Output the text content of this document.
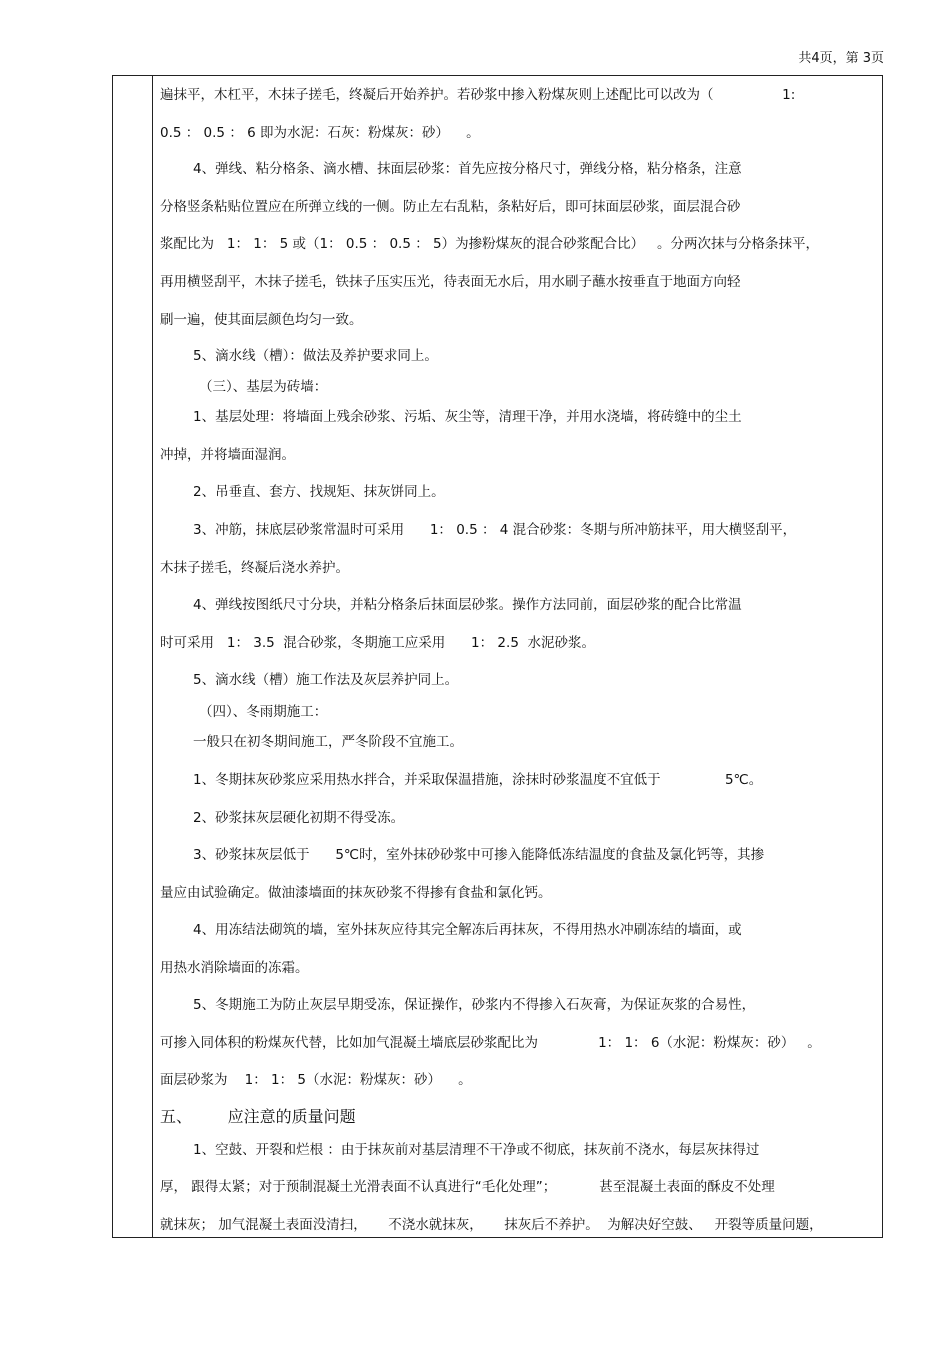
共4页，第 3页
遍抹平，木杠平，木抹子搓毛，终凝后开始养护。若砂浆中掺入粉煤灰则上述配比可以改为（                1:
0.5 ： 0.5 ： 6 即为水泥：石灰：粉煤灰：砂）    。
4、弹线、粘分格条、滴水槽、抹面层砂浆：首先应按分格尺寸，弹线分格，粘分格条，注意
分格竖条粘贴位置应在所弹立线的一侧。防止左右乱粘，条粘好后，即可抹面层砂浆，面层混合砂
浆配比为   1： 1： 5 或（1： 0.5 ： 0.5 ： 5）为掺粉煤灰的混合砂浆配合比）   。分两次抹与分格条抹平，
再用横竖刮平，木抹子搓毛，铁抹子压实压光，待表面无水后，用水刷子蘸水按垂直于地面方向轻
刷一遍，使其面层颜色均匀一致。
5、滴水线（槽）：做法及养护要求同上。
（三）、基层为砖墙：
1、基层处理：将墙面上残余砂浆、污垢、灰尘等，清理干净，并用水浇墙，将砖缝中的尘土
冲掉，并将墙面湿润。
2、吊垂直、套方、找规矩、抹灰饼同上。
3、冲筋，抹底层砂浆常温时可采用      1： 0.5 ： 4 混合砂浆：冬期与所冲筋抹平，用大横竖刮平，
木抹子搓毛，终凝后浇水养护。
4、弹线按图纸尺寸分块，并粘分格条后抹面层砂浆。操作方法同前，面层砂浆的配合比常温
时可采用   1： 3.5  混合砂浆，冬期施工应采用      1： 2.5  水泥砂浆。
5、滴水线（槽）施工作法及灰层养护同上。
（四）、冬雨期施工：
一般只在初冬期间施工，严冬阶段不宜施工。
1、冬期抹灰砂浆应采用热水拌合，并采取保温措施，涂抹时砂浆温度不宜低于               5℃。
2、砂浆抹灰层硬化初期不得受冻。
3、砂浆抹灰层低于      5℃时，室外抹砂砂浆中可掺入能降低冻结温度的食盐及氯化钙等，其掺
量应由试验确定。做油漆墙面的抹灰砂浆不得掺有食盐和氯化钙。
4、用冻结法砌筑的墙，室外抹灰应待其完全解冻后再抹灰，不得用热水冲刷冻结的墙面，或
用热水消除墙面的冻霜。
5、冬期施工为防止灰层早期受冻，保证操作，砂浆内不得掺入石灰膏，为保证灰浆的合易性，
可掺入同体积的粉煤灰代替，比如加气混凝土墙底层砂浆配比为              1： 1： 6（水泥：粉煤灰：砂）   。
面层砂浆为    1： 1： 5（水泥：粉煤灰：砂）    。
五、       应注意的质量问题
1、空鼓、开裂和烂根 ：由于抹灰前对基层清理不干净或不彻底，抹灰前不浇水，每层灰抹得过
厚， 跟得太紧；对于预制混凝土光滑表面不认真进行“毛化处理”；          甚至混凝土表面的酥皮不处理
就抹灰； 加气混凝土表面没清扫，     不浇水就抹灰，     抹灰后不养护。  为解决好空鼓、   开裂等质量问题，
